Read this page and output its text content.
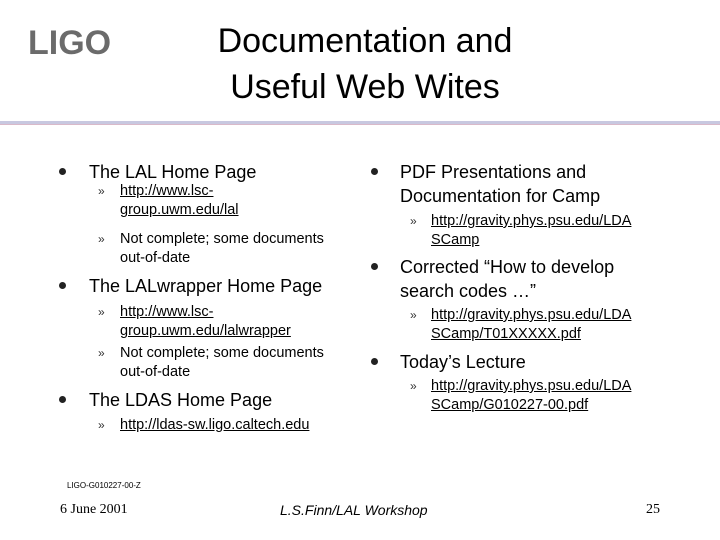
LIGO	Documentation and
Useful Web Wites
The LAL Home Page
» http://www.lsc-
group.uwm.edu/lal
» Not complete; some documents
out-of-date
The LALwrapper Home Page
» http://www.lsc-
group.uwm.edu/lalwrapper
» Not complete; some documents
out-of-date
The LDAS Home Page
» http://ldas-sw.ligo.caltech.edu
PDF Presentations and
Documentation for Camp
» http://gravity.phys.psu.edu/LDA
SCamp
Corrected “How to develop
search codes …”
» http://gravity.phys.psu.edu/LDA
SCamp/T01XXXXX.pdf
Today’s Lecture
» http://gravity.phys.psu.edu/LDA
SCamp/G010227-00.pdf
LIGO-G010227-00-Z
6 June 2001	L.S.Finn/LAL Workshop	25
